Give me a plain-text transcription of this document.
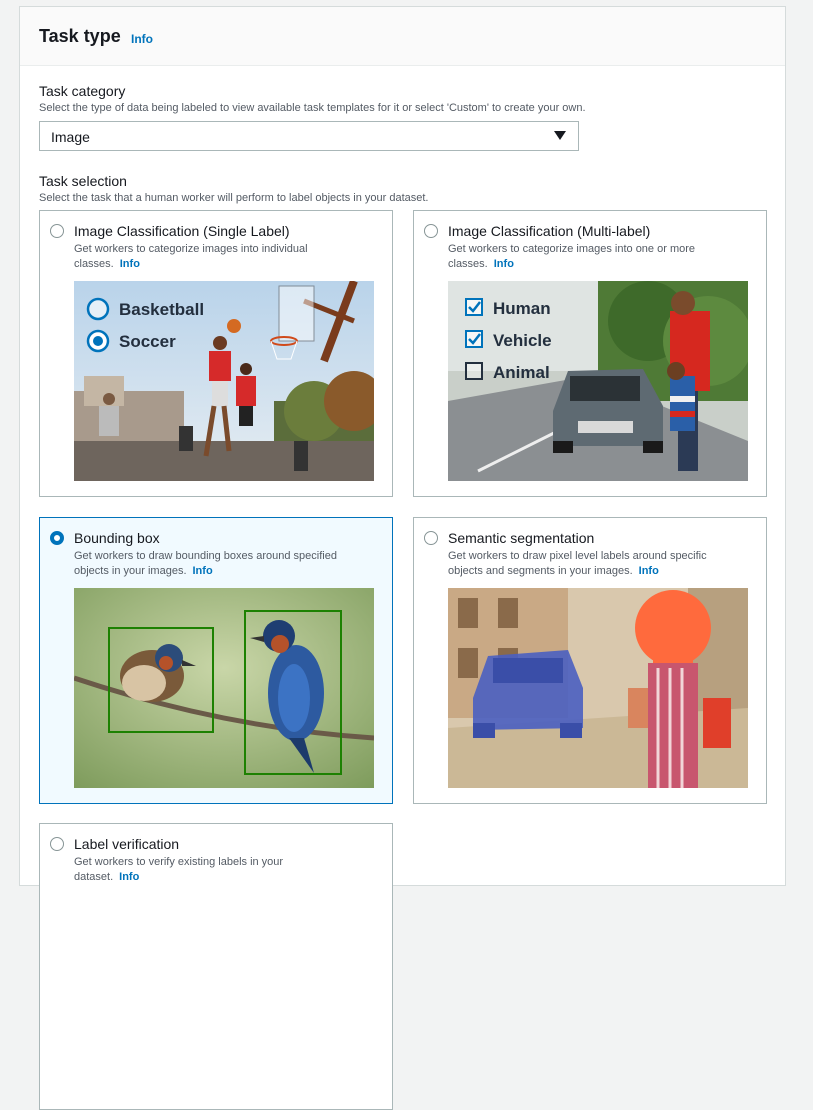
Task type Info
Task category
Select the type of data being labeled to view available task templates for it or select 'Custom' to create your own.
Image
Task selection
Select the task that a human worker will perform to label objects in your dataset.
Image Classification (Single Label)
Get workers to categorize images into individual classes. Info
Basketball
Soccer
Image Classification (Multi-label)
Get workers to categorize images into one or more classes. Info
Human
Vehicle
Animal
Bounding box
Get workers to draw bounding boxes around specified objects in your images. Info
Semantic segmentation
Get workers to draw pixel level labels around specific objects and segments in your images. Info
Label verification
Get workers to verify existing labels in your dataset. Info
